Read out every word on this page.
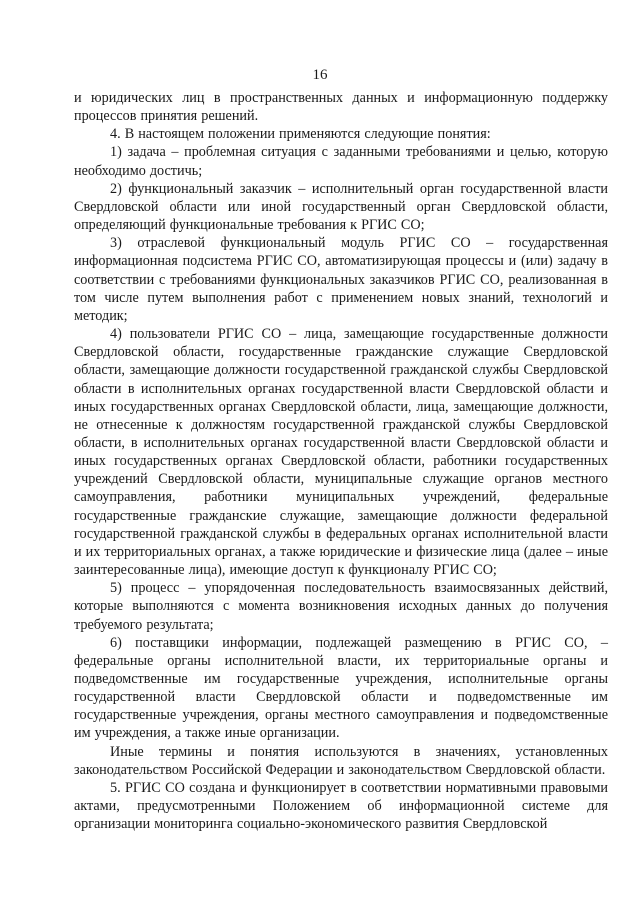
16

и юридических лиц в пространственных данных и информационную поддержку процессов принятия решений.

4. В настоящем положении применяются следующие понятия:

1) задача – проблемная ситуация с заданными требованиями и целью, которую необходимо достичь;

2) функциональный заказчик – исполнительный орган государственной власти Свердловской области или иной государственный орган Свердловской области, определяющий функциональные требования к РГИС СО;

3) отраслевой функциональный модуль РГИС СО – государственная информационная подсистема РГИС СО, автоматизирующая процессы и (или) задачу в соответствии с требованиями функциональных заказчиков РГИС СО, реализованная в том числе путем выполнения работ с применением новых знаний, технологий и методик;

4) пользователи РГИС СО – лица, замещающие государственные должности Свердловской области, государственные гражданские служащие Свердловской области, замещающие должности государственной гражданской службы Свердловской области в исполнительных органах государственной власти Свердловской области и иных государственных органах Свердловской области, лица, замещающие должности, не отнесенные к должностям государственной гражданской службы Свердловской области, в исполнительных органах государственной власти Свердловской области и иных государственных органах Свердловской области, работники государственных учреждений Свердловской области, муниципальные служащие органов местного самоуправления, работники муниципальных учреждений, федеральные государственные гражданские служащие, замещающие должности федеральной государственной гражданской службы в федеральных органах исполнительной власти и их территориальных органах, а также юридические и физические лица (далее – иные заинтересованные лица), имеющие доступ к функционалу РГИС СО;

5) процесс – упорядоченная последовательность взаимосвязанных действий, которые выполняются с момента возникновения исходных данных до получения требуемого результата;

6) поставщики информации, подлежащей размещению в РГИС СО, – федеральные органы исполнительной власти, их территориальные органы и подведомственные им государственные учреждения, исполнительные органы государственной власти Свердловской области и подведомственные им государственные учреждения, органы местного самоуправления и подведомственные им учреждения, а также иные организации.

Иные термины и понятия используются в значениях, установленных законодательством Российской Федерации и законодательством Свердловской области.

5. РГИС СО создана и функционирует в соответствии нормативными правовыми актами, предусмотренными Положением об информационной системе для организации мониторинга социально-экономического развития Свердловской
